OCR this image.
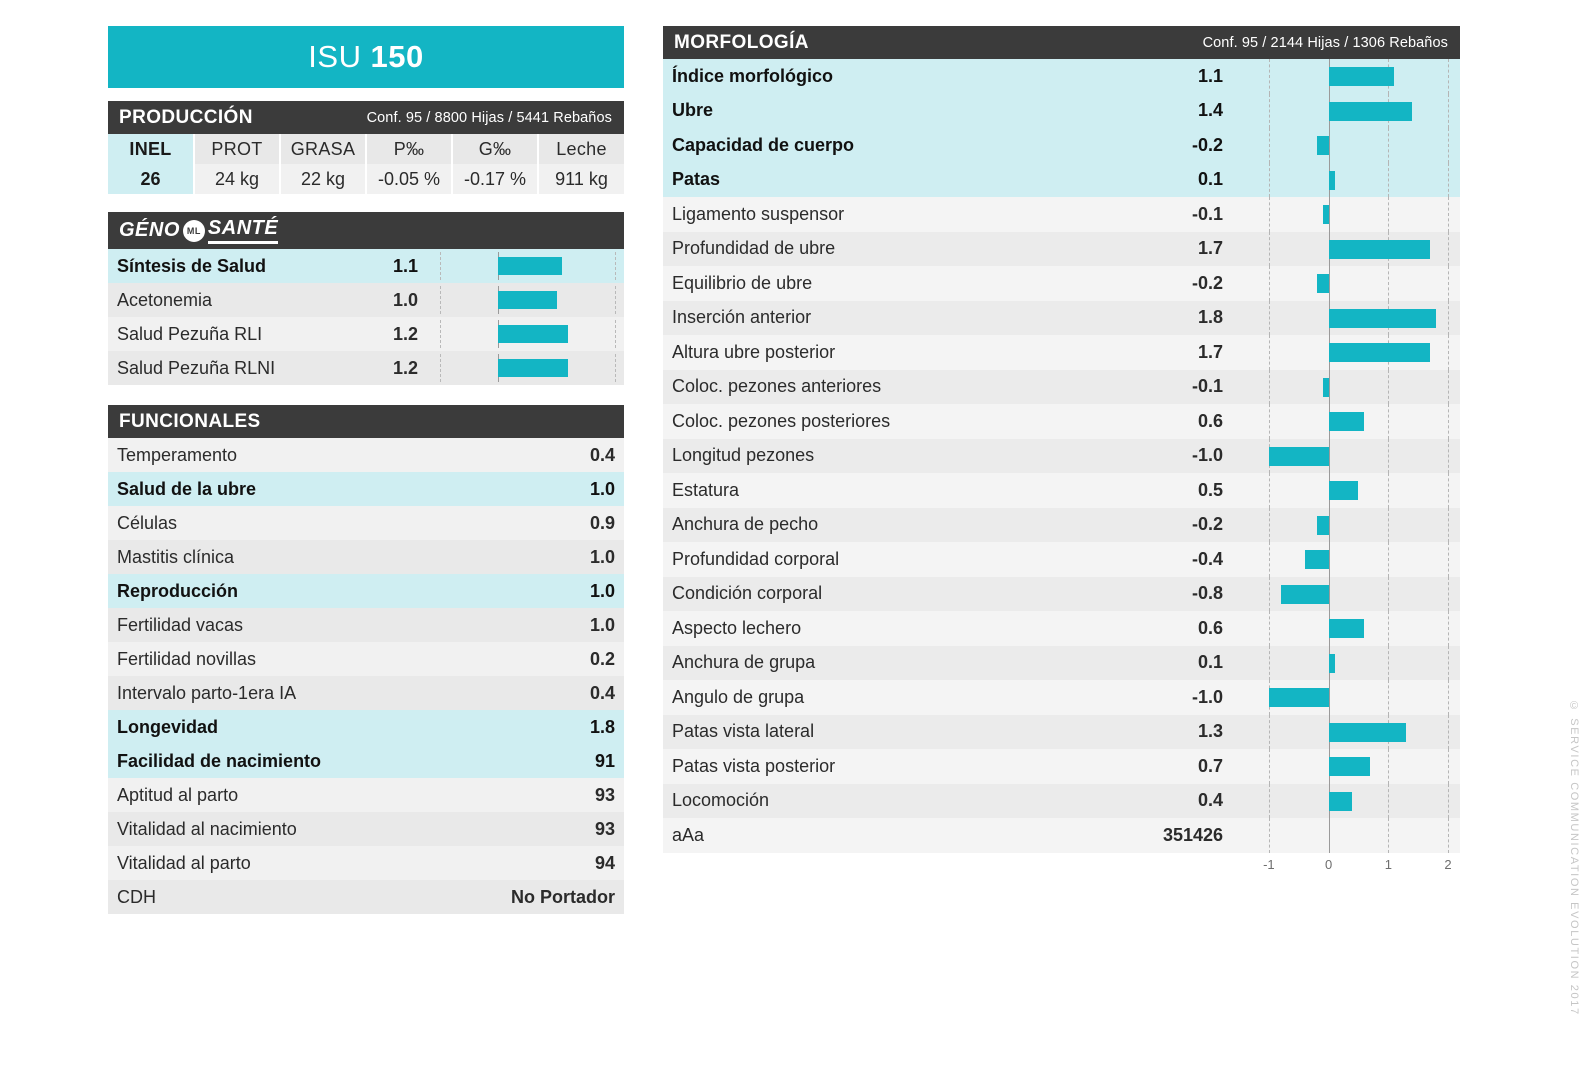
ISU 150
PRODUCCIÓN	Conf. 95 / 8800 Hijas / 5441 Rebaños
INEL	PROT	GRASA	P‰	G‰	Leche
26	24 kg	22 kg	-0.05 %	-0.17 %	911 kg
GÉNO ML SANTÉ
Síntesis de Salud	1.1
Acetonemia	1.0
Salud Pezuña RLI	1.2
Salud Pezuña RLNI	1.2
FUNCIONALES
Temperamento	0.4
Salud de la ubre	1.0
Células	0.9
Mastitis clínica	1.0
Reproducción	1.0
Fertilidad vacas	1.0
Fertilidad novillas	0.2
Intervalo parto-1era IA	0.4
Longevidad	1.8
Facilidad de nacimiento	91
Aptitud al parto	93
Vitalidad al nacimiento	93
Vitalidad al parto	94
CDH	No Portador
MORFOLOGÍA	Conf. 95 / 2144 Hijas / 1306 Rebaños
Índice morfológico	1.1
Ubre	1.4
Capacidad de cuerpo	-0.2
Patas	0.1
Ligamento suspensor	-0.1
Profundidad de ubre	1.7
Equilibrio de ubre	-0.2
Inserción anterior	1.8
Altura ubre posterior	1.7
Coloc. pezones anteriores	-0.1
Coloc. pezones posteriores	0.6
Longitud pezones	-1.0
Estatura	0.5
Anchura de pecho	-0.2
Profundidad corporal	-0.4
Condición corporal	-0.8
Aspecto lechero	0.6
Anchura de grupa	0.1
Angulo de grupa	-1.0
Patas vista lateral	1.3
Patas vista posterior	0.7
Locomoción	0.4
aAa	351426
-1	0	1	2	© SERVICE COMMUNICATION EVOLUTION 2017
